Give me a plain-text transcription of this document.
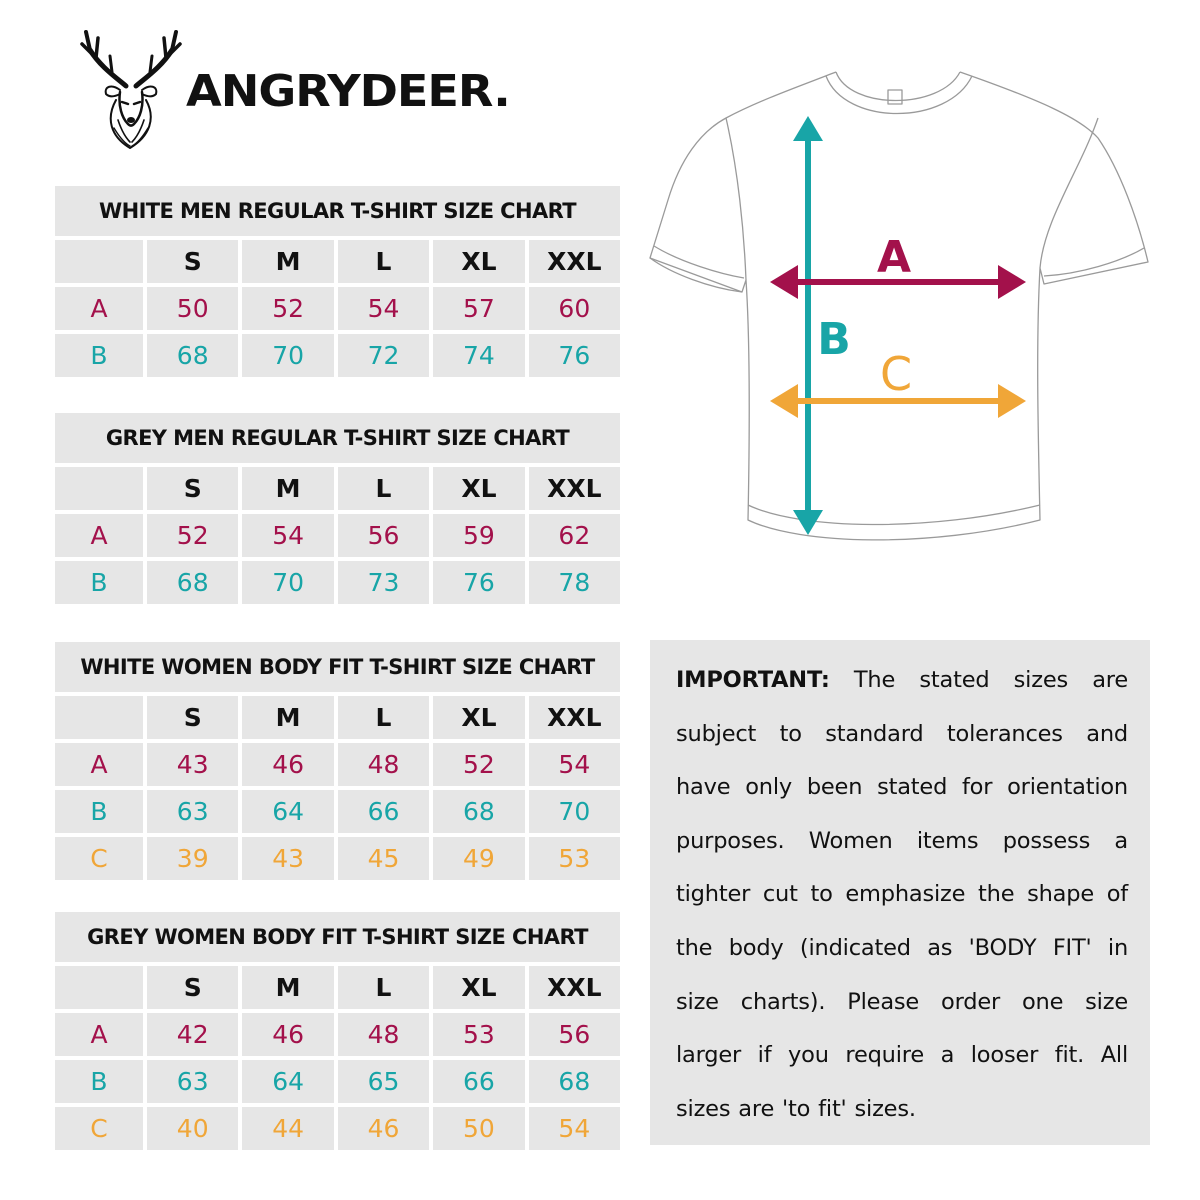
ANGRYDEER.
WHITE MEN REGULAR T-SHIRT SIZE CHART
S	M	L	XL	XXL
A	50	52	54	57	60
B	68	70	72	74	76
GREY MEN REGULAR T-SHIRT SIZE CHART
S	M	L	XL	XXL
A	52	54	56	59	62
B	68	70	73	76	78
WHITE WOMEN BODY FIT T-SHIRT SIZE CHART
S	M	L	XL	XXL
A	43	46	48	52	54
B	63	64	66	68	70
C	39	43	45	49	53
GREY WOMEN BODY FIT T-SHIRT SIZE CHART
S	M	L	XL	XXL
A	42	46	48	53	56
B	63	64	65	66	68
C	40	44	46	50	54
A
B
C

IMPORTANT: The stated sizes are subject to standard tolerances and have only been stated for orientation purposes. Women items possess a tighter cut to emphasize the shape of the body (indicated as 'BODY FIT' in size charts). Please order one size larger if you require a looser fit. All sizes are 'to fit' sizes.
